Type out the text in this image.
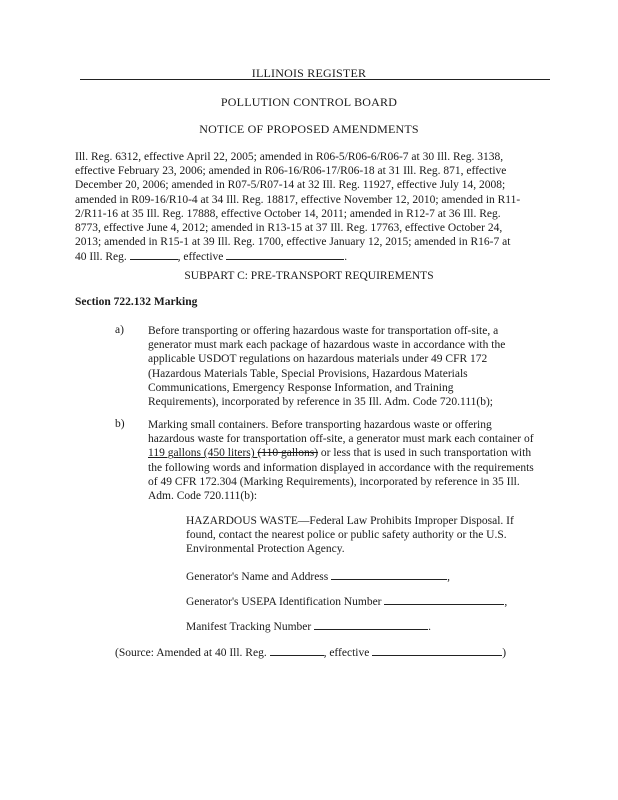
ILLINOIS REGISTER
POLLUTION CONTROL BOARD
NOTICE OF PROPOSED AMENDMENTS
Ill. Reg. 6312, effective April 22, 2005; amended in R06-5/R06-6/R06-7 at 30 Ill. Reg. 3138,
effective February 23, 2006; amended in R06-16/R06-17/R06-18 at 31 Ill. Reg. 871, effective
December 20, 2006; amended in R07-5/R07-14 at 32 Ill. Reg. 11927, effective July 14, 2008;
amended in R09-16/R10-4 at 34 Ill. Reg. 18817, effective November 12, 2010; amended in R11-
2/R11-16 at 35 Ill. Reg. 17888, effective October 14, 2011; amended in R12-7 at 36 Ill. Reg.
8773, effective June 4, 2012; amended in R13-15 at 37 Ill. Reg. 17763, effective October 24,
2013; amended in R15-1 at 39 Ill. Reg. 1700, effective January 12, 2015; amended in R16-7 at
40 Ill. Reg.	, effective	.
SUBPART C: PRE-TRANSPORT REQUIREMENTS
Section 722.132 Marking
a) Before transporting or offering hazardous waste for transportation off-site, a
generator must mark each package of hazardous waste in accordance with the
applicable USDOT regulations on hazardous materials under 49 CFR 172
(Hazardous Materials Table, Special Provisions, Hazardous Materials
Communications, Emergency Response Information, and Training
Requirements), incorporated by reference in 35 Ill. Adm. Code 720.111(b);
b) Marking small containers. Before transporting hazardous waste or offering
hazardous waste for transportation off-site, a generator must mark each container of
119 gallons (450 liters) (110 gallons) or less that is used in such transportation with
the following words and information displayed in accordance with the requirements
of 49 CFR 172.304 (Marking Requirements), incorporated by reference in 35 Ill.
Adm. Code 720.111(b):
HAZARDOUS WASTE—Federal Law Prohibits Improper Disposal. If
found, contact the nearest police or public safety authority or the U.S.
Environmental Protection Agency.
Generator's Name and Address	,
Generator's USEPA Identification Number	,
Manifest Tracking Number	.
(Source: Amended at 40 Ill. Reg.	, effective	)
